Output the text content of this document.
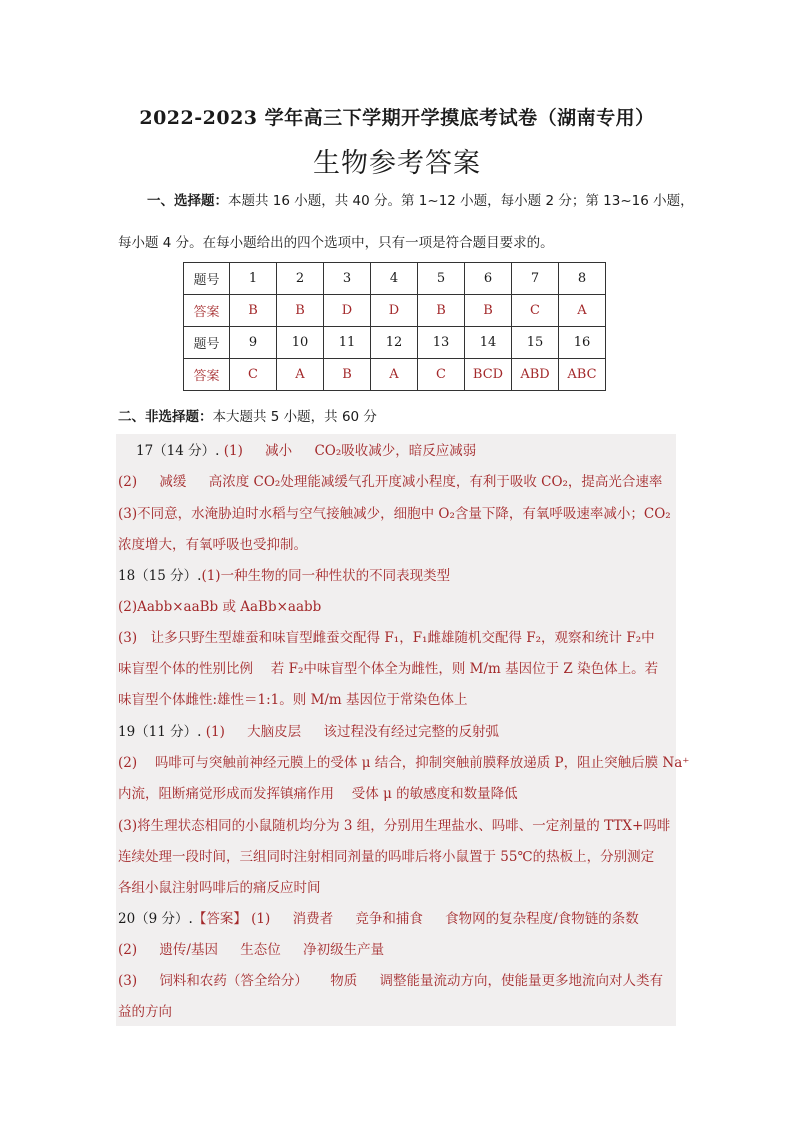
2022-2023 学年高三下学期开学摸底考试卷（湖南专用）
生物参考答案
一、选择题：本题共 16 小题，共 40 分。第 1~12 小题，每小题 2 分；第 13~16 小题，
每小题 4 分。在每小题给出的四个选项中，只有一项是符合题目要求的。
题号	1	2	3	4	5	6	7	8
答案	B	B	D	D	B	B	C	A
题号	9	10	11	12	13	14	15	16
答案	C	A	B	A	C	BCD	ABD	ABC
二、非选择题：本大题共 5 小题，共 60 分
17（14 分）. (1) 减小 CO₂吸收减少，暗反应减弱
(2) 减缓 高浓度 CO₂处理能减缓气孔开度减小程度，有利于吸收 CO₂，提高光合速率
(3)不同意，水淹胁迫时水稻与空气接触减少，细胞中 O₂含量下降，有氧呼吸速率减小；CO₂
浓度增大，有氧呼吸也受抑制。
18（15 分）.(1)一种生物的同一种性状的不同表现类型
(2)Aabb×aaBb 或 AaBb×aabb
(3)　让多只野生型雄蚕和味盲型雌蚕交配得 F₁，F₁雌雄随机交配得 F₂，观察和统计 F₂中
味盲型个体的性别比例　 若 F₂中味盲型个体全为雌性，则 M/m 基因位于 Z 染色体上。若
味盲型个体雌性:雄性＝1:1。则 M/m 基因位于常染色体上
19（11 分）. (1) 大脑皮层 该过程没有经过完整的反射弧
(2)　 吗啡可与突触前神经元膜上的受体 μ 结合，抑制突触前膜释放递质 P，阻止突触后膜 Na⁺
内流，阻断痛觉形成而发挥镇痛作用　 受体 μ 的敏感度和数量降低
(3)将生理状态相同的小鼠随机均分为 3 组，分别用生理盐水、吗啡、一定剂量的 TTX+吗啡
连续处理一段时间，三组同时注射相同剂量的吗啡后将小鼠置于 55℃的热板上，分别测定
各组小鼠注射吗啡后的痛反应时间
20（9 分）.【答案】 (1) 消费者 竞争和捕食 食物网的复杂程度/食物链的条数
(2) 遗传/基因 生态位 净初级生产量
(3) 饲料和农药（答全给分） 物质 调整能量流动方向，使能量更多地流向对人类有
益的方向
